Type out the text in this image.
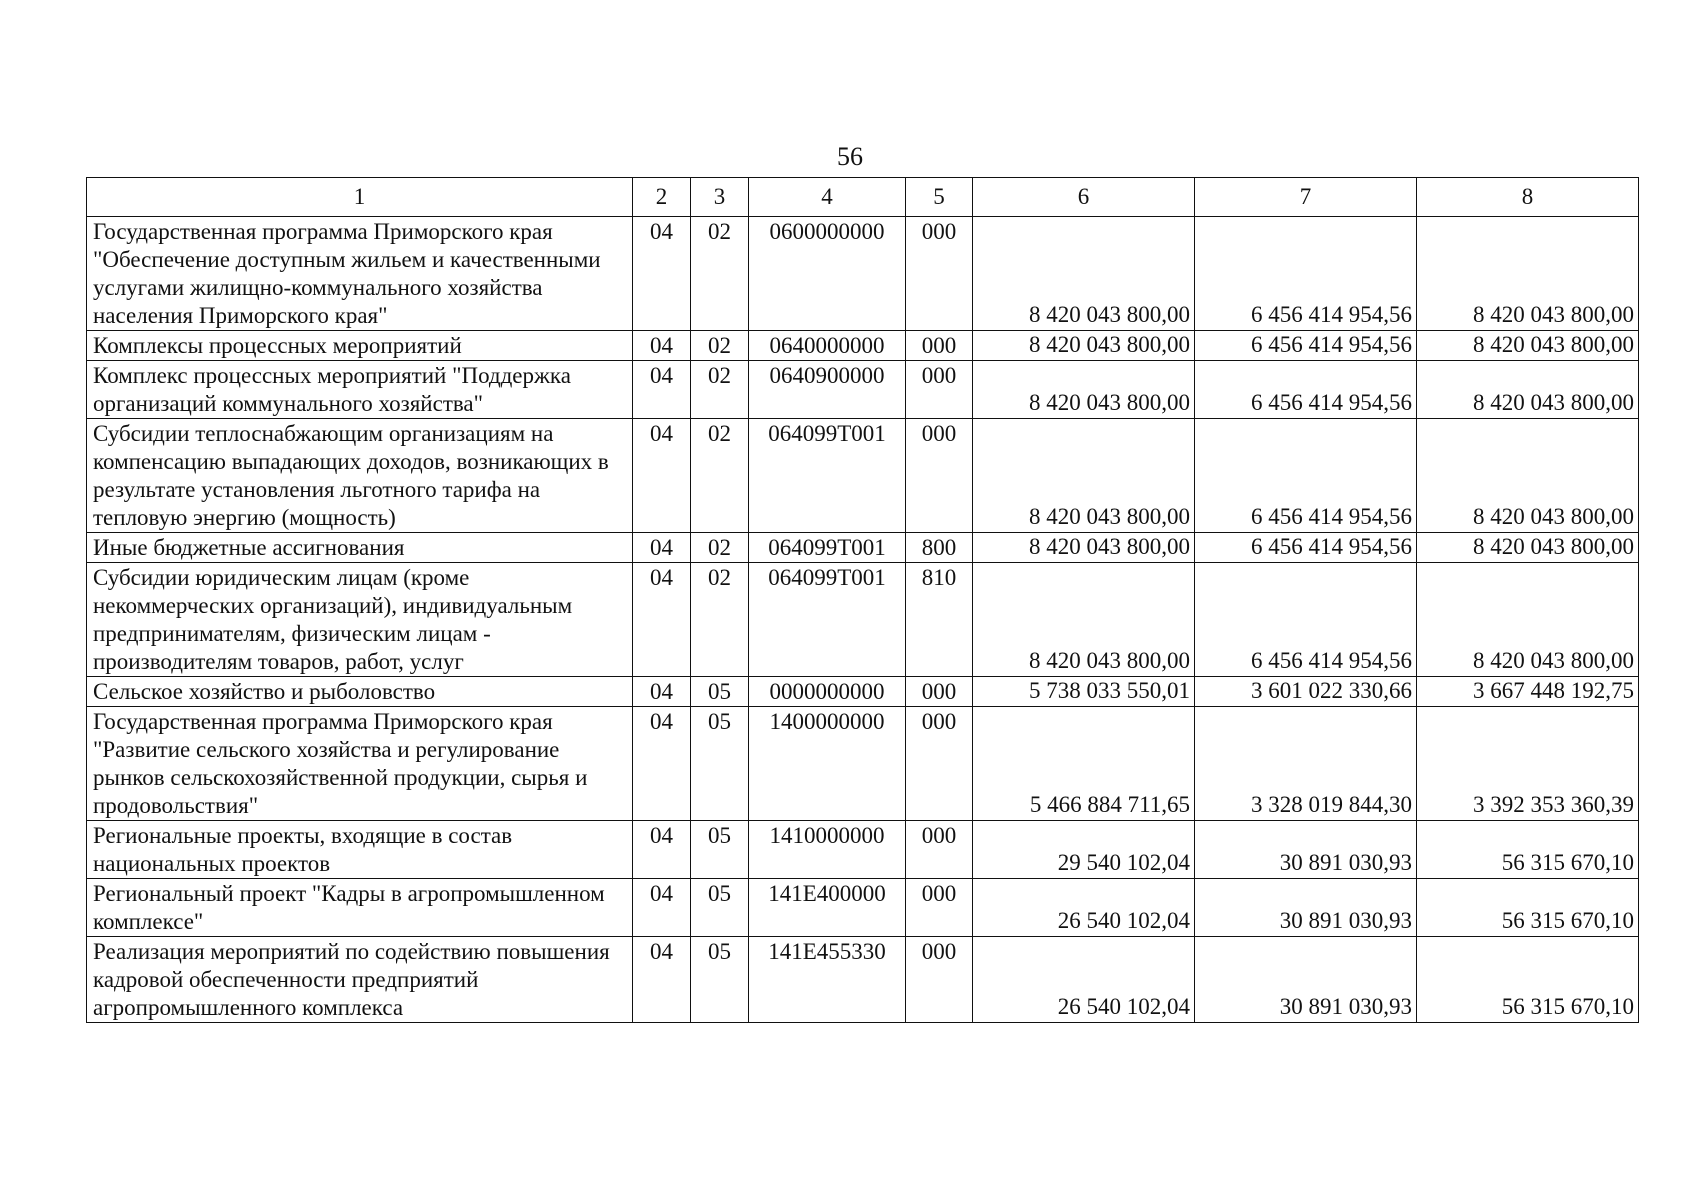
56
1	2	3	4	5	6	7	8
Государственная программа Приморского края "Обеспечение доступным жильем и качественными услугами жилищно-коммунального хозяйства населения Приморского края"	04	02	0600000000	000	8 420 043 800,00	6 456 414 954,56	8 420 043 800,00
Комплексы процессных мероприятий	04	02	0640000000	000	8 420 043 800,00	6 456 414 954,56	8 420 043 800,00
Комплекс процессных мероприятий "Поддержка организаций коммунального хозяйства"	04	02	0640900000	000	8 420 043 800,00	6 456 414 954,56	8 420 043 800,00
Субсидии теплоснабжающим организациям на компенсацию выпадающих доходов, возникающих в результате установления льготного тарифа на тепловую энергию (мощность)	04	02	064099Т001	000	8 420 043 800,00	6 456 414 954,56	8 420 043 800,00
Иные бюджетные ассигнования	04	02	064099Т001	800	8 420 043 800,00	6 456 414 954,56	8 420 043 800,00
Субсидии юридическим лицам (кроме некоммерческих организаций), индивидуальным предпринимателям, физическим лицам - производителям товаров, работ, услуг	04	02	064099Т001	810	8 420 043 800,00	6 456 414 954,56	8 420 043 800,00
Сельское хозяйство и рыболовство	04	05	0000000000	000	5 738 033 550,01	3 601 022 330,66	3 667 448 192,75
Государственная программа Приморского края "Развитие сельского хозяйства и регулирование рынков сельскохозяйственной продукции, сырья и продовольствия"	04	05	1400000000	000	5 466 884 711,65	3 328 019 844,30	3 392 353 360,39
Региональные проекты, входящие в состав национальных проектов	04	05	1410000000	000	29 540 102,04	30 891 030,93	56 315 670,10
Региональный проект "Кадры в агропромышленном комплексе"	04	05	141Е400000	000	26 540 102,04	30 891 030,93	56 315 670,10
Реализация мероприятий по содействию повышения кадровой обеспеченности предприятий агропромышленного комплекса	04	05	141Е455330	000	26 540 102,04	30 891 030,93	56 315 670,10
